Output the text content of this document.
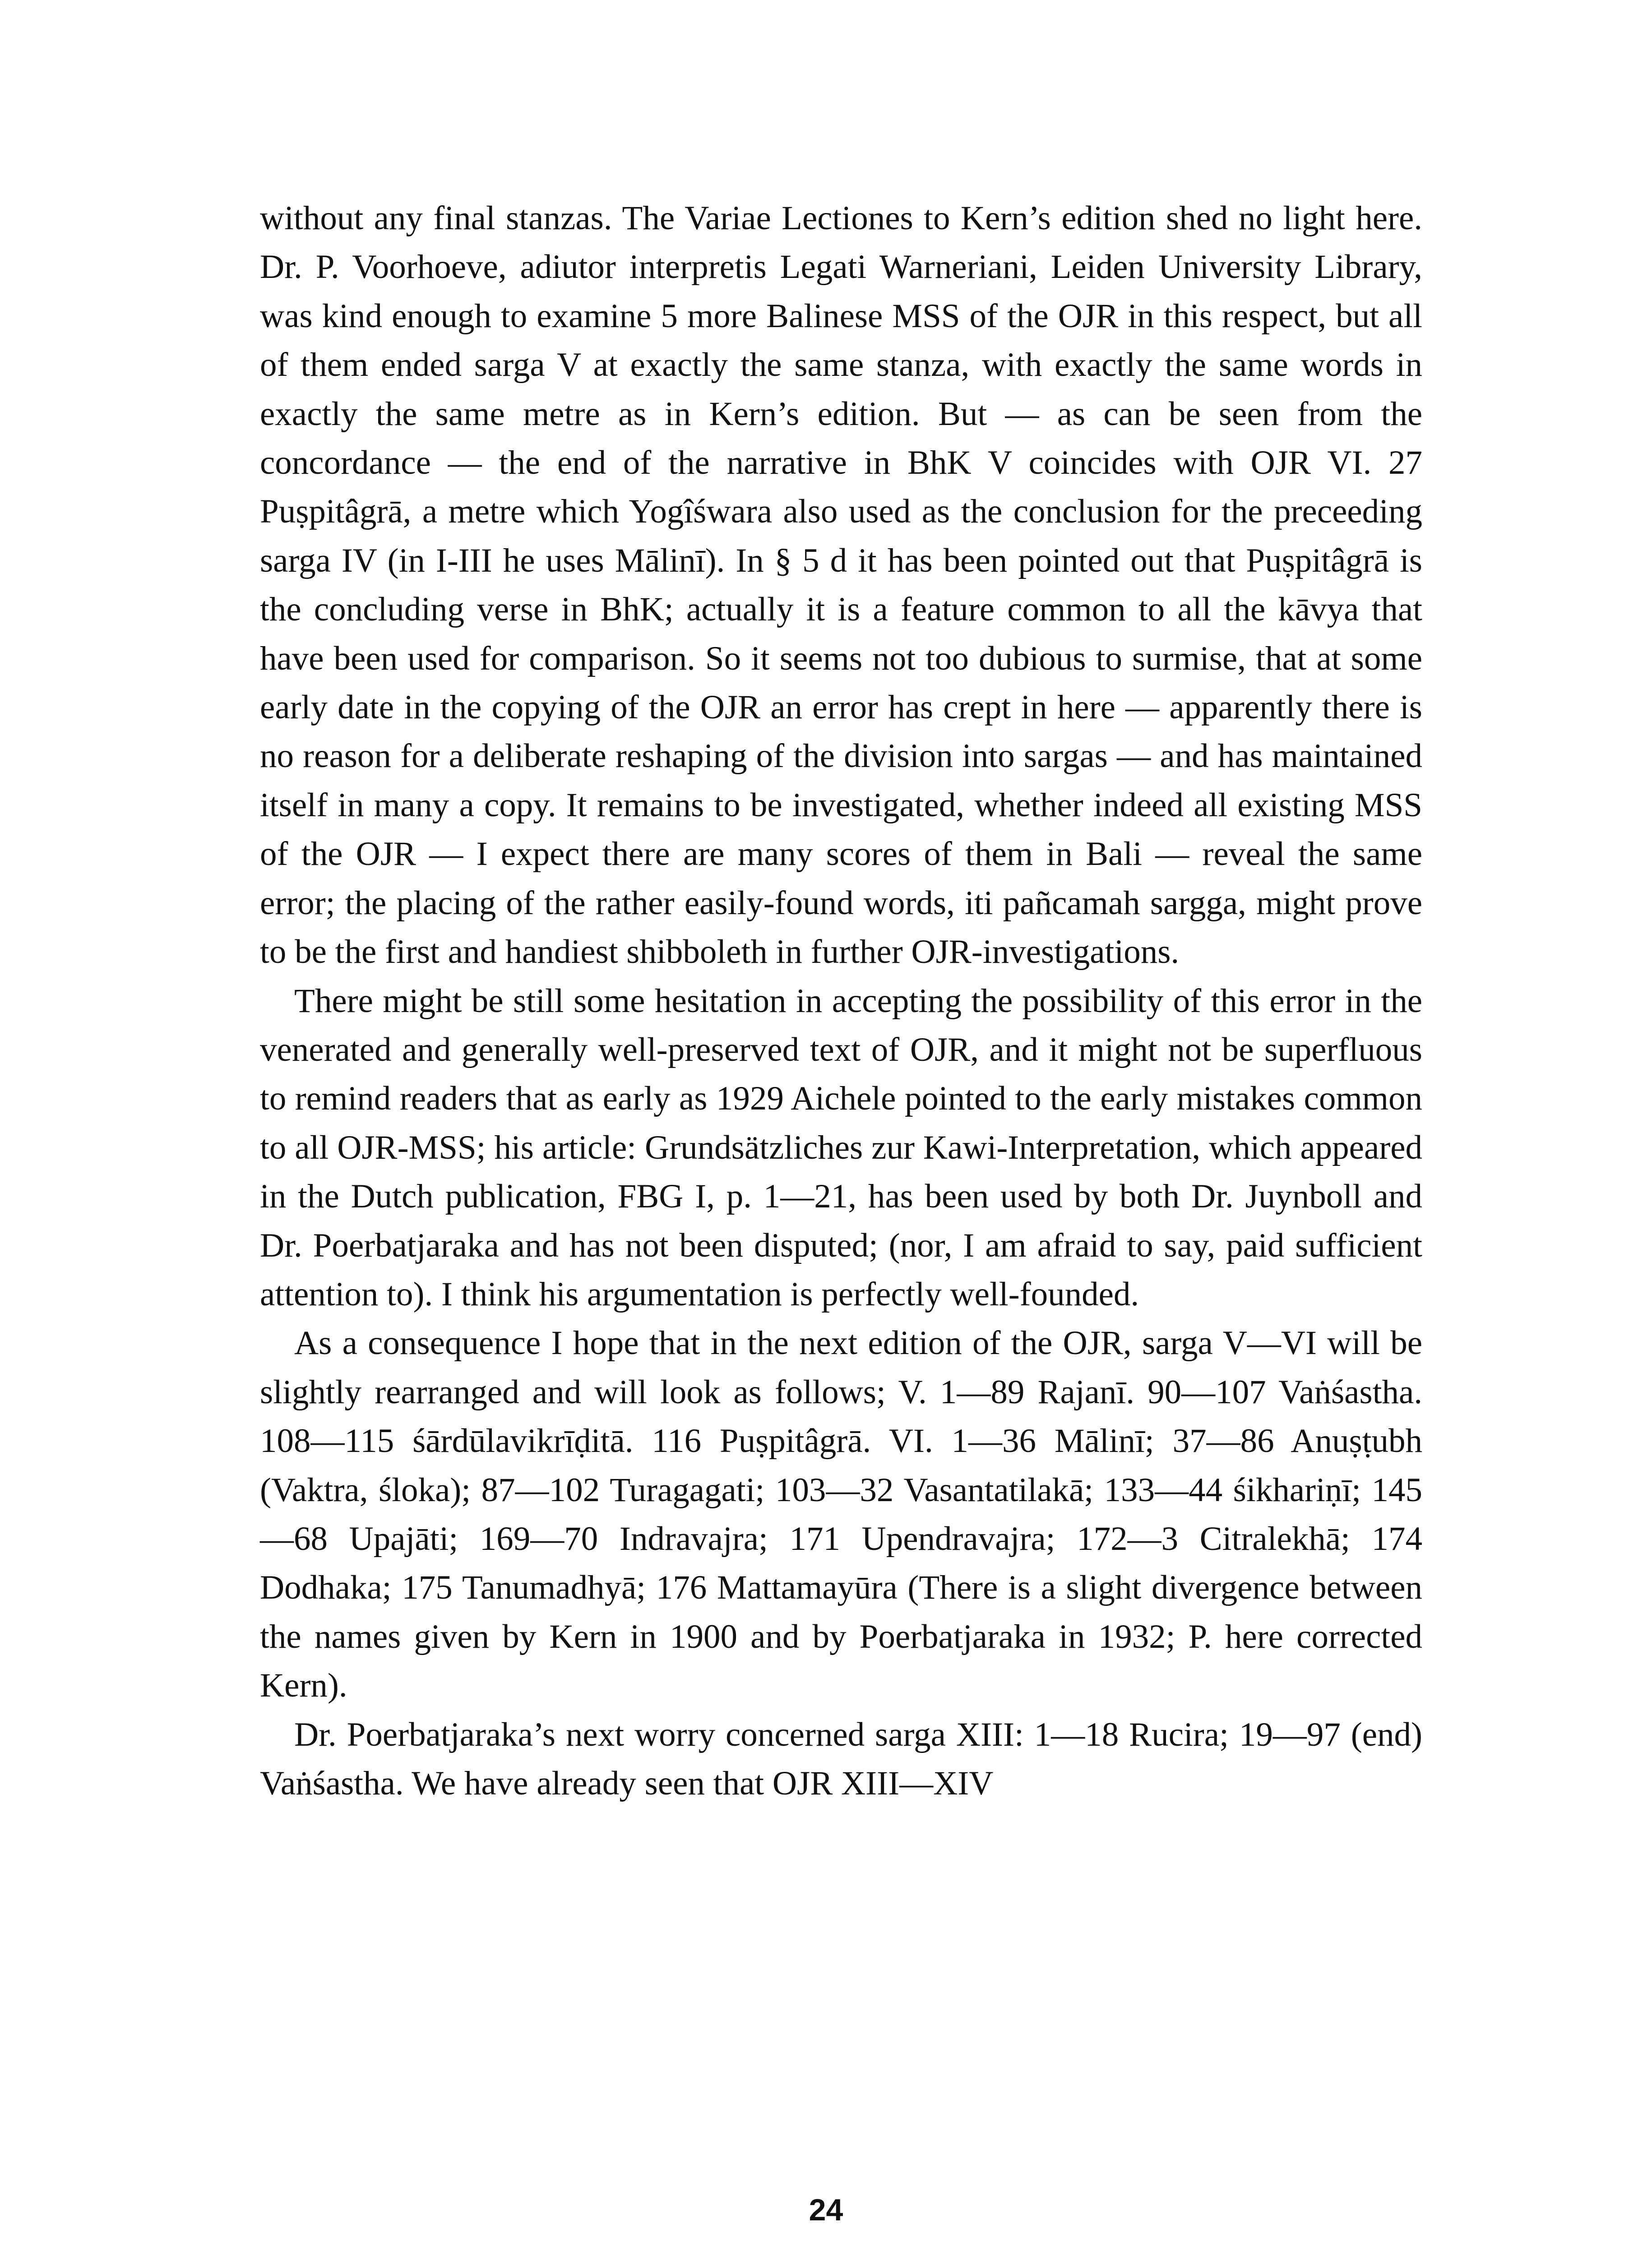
without any final stanzas. The Variae Lectiones to Kern’s edition shed no light here. Dr. P. Voorhoeve, adiutor interpretis Legati Warneriani, Leiden University Library, was kind enough to examine 5 more Balinese MSS of the OJR in this respect, but all of them ended sarga V at exactly the same stanza, with exactly the same words in exactly the same metre as in Kern’s edition. But — as can be seen from the concordance — the end of the narrative in BhK V coincides with OJR VI. 27 Puṣpitâgrā, a metre which Yogîśwara also used as the conclusion for the preceeding sarga IV (in I-III he uses Mālinī). In § 5 d it has been pointed out that Puṣpitâgrā is the concluding verse in BhK; actually it is a feature common to all the kāvya that have been used for comparison. So it seems not too dubious to surmise, that at some early date in the copying of the OJR an error has crept in here — apparently there is no reason for a deliberate reshaping of the division into sargas — and has maintained itself in many a copy. It remains to be investigated, whether indeed all existing MSS of the OJR — I expect there are many scores of them in Bali — reveal the same error; the placing of the rather easily-found words, iti pañcamah sargga, might prove to be the first and handiest shibboleth in further OJR-investigations.

There might be still some hesitation in accepting the possibility of this error in the venerated and generally well-preserved text of OJR, and it might not be superfluous to remind readers that as early as 1929 Aichele pointed to the early mistakes common to all OJR-MSS; his article: Grundsätzliches zur Kawi-Interpretation, which appeared in the Dutch publication, FBG I, p. 1—21, has been used by both Dr. Juynboll and Dr. Poerbatjaraka and has not been disputed; (nor, I am afraid to say, paid sufficient attention to). I think his argumentation is perfectly well-founded.

As a consequence I hope that in the next edition of the OJR, sarga V—VI will be slightly rearranged and will look as follows; V. 1—89 Rajanī. 90—107 Vaṅśastha. 108—115 śārdūlavikrīḍitā. 116 Puṣpitâgrā. VI. 1—36 Mālinī; 37—86 Anuṣṭubh (Vaktra, śloka); 87—102 Turagagati; 103—32 Vasantatilakā; 133—44 śikhariṇī; 145—68 Upajāti; 169—70 Indravajra; 171 Upendravajra; 172—3 Citralekhā; 174 Dodhaka; 175 Tanumadhyā; 176 Mattamayūra (There is a slight divergence between the names given by Kern in 1900 and by Poerbatjaraka in 1932; P. here corrected Kern).

Dr. Poerbatjaraka’s next worry concerned sarga XIII: 1—18 Rucira; 19—97 (end) Vaṅśastha. We have already seen that OJR XIII—XIV

24
